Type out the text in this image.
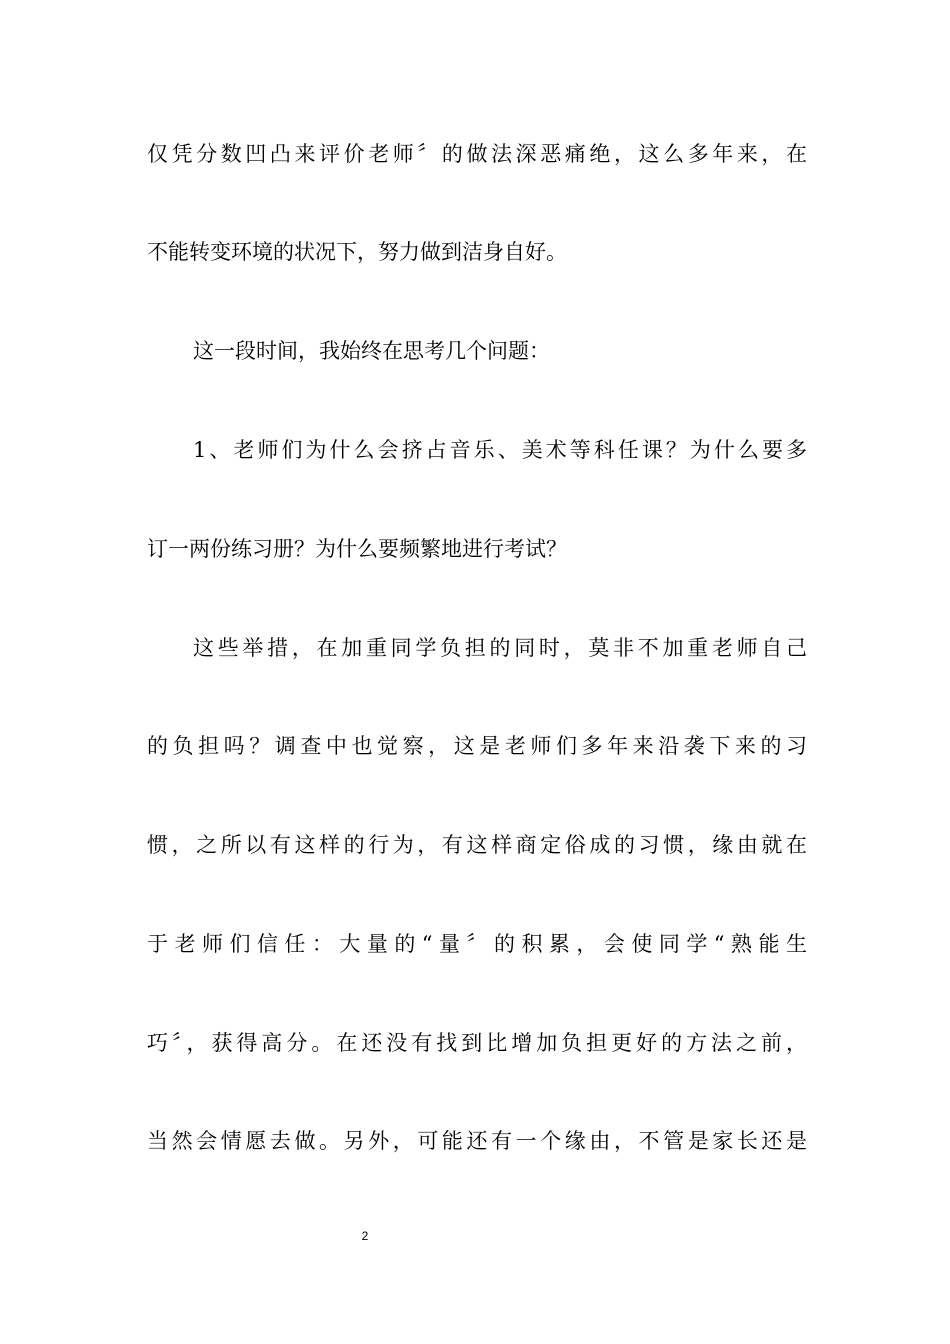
仅凭分数凹凸来评价老师〞的做法深恶痛绝，这么多年来，在
不能转变环境的状况下，努力做到洁身自好。
这一段时间，我始终在思考几个问题：
1、老师们为什么会挤占音乐、美术等科任课？为什么要多
订一两份练习册？为什么要频繁地进行考试？
这些举措，在加重同学负担的同时，莫非不加重老师自己
的负担吗？调查中也觉察，这是老师们多年来沿袭下来的习
惯，之所以有这样的行为，有这样商定俗成的习惯，缘由就在
于老师们信任：大量的“量〞的积累，会使同学“熟能生
巧〞，获得高分。在还没有找到比增加负担更好的方法之前，
当然会情愿去做。另外，可能还有一个缘由，不管是家长还是
2
